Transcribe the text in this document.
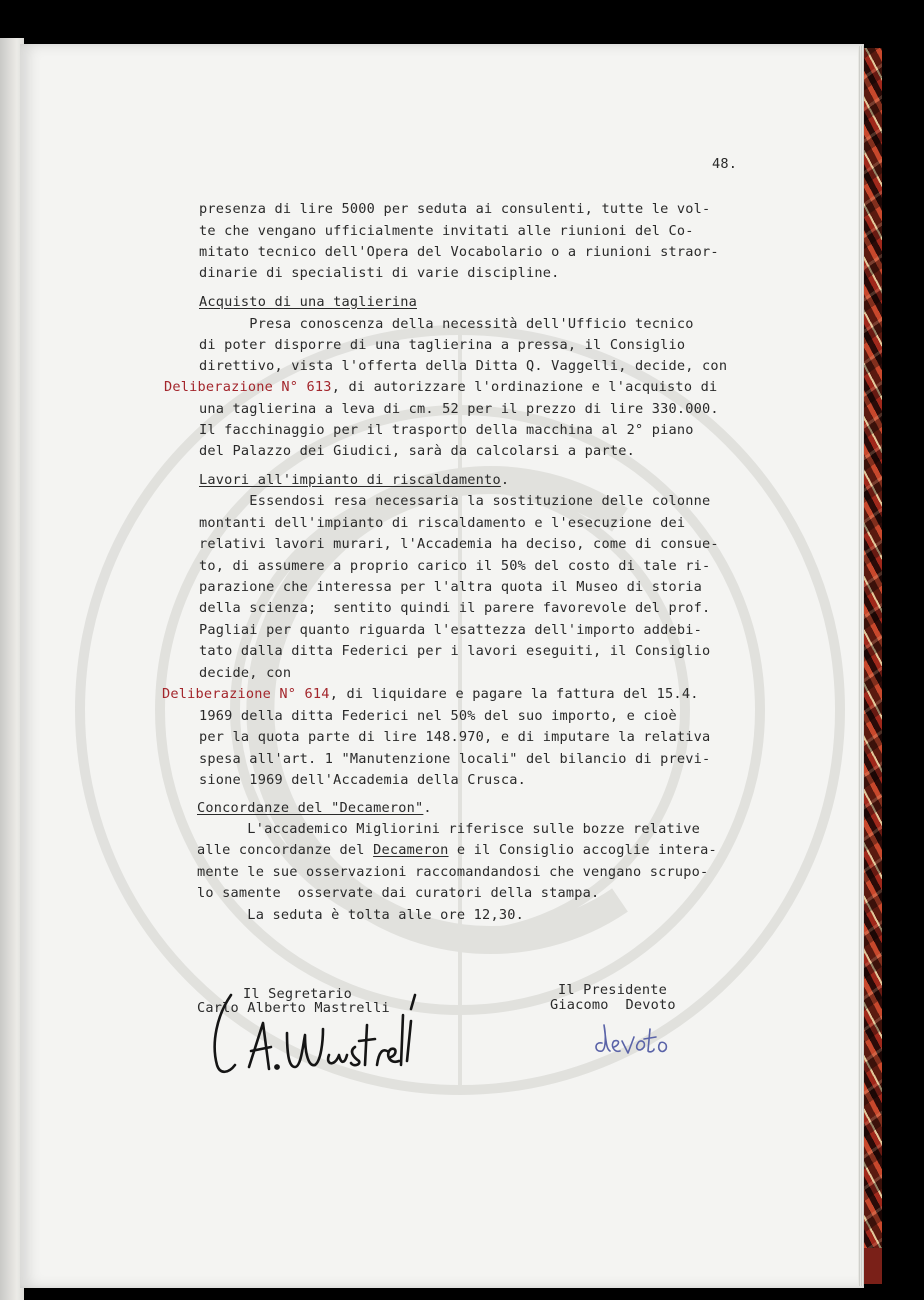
48.
presenza di lire 5000 per seduta ai consulenti, tutte le vol-
te che vengano ufficialmente invitati alle riunioni del Co-
mitato tecnico dell'Opera del Vocabolario o a riunioni straor-
dinarie di specialisti di varie discipline.
Acquisto di una taglierina
Presa conoscenza della necessità dell'Ufficio tecnico
di poter disporre di una taglierina a pressa, il Consiglio
direttivo, vista l'offerta della Ditta Q. Vaggelli, decide, con
Deliberazione N° 613, di autorizzare l'ordinazione e l'acquisto di
una taglierina a leva di cm. 52 per il prezzo di lire 330.000.
Il facchinaggio per il trasporto della macchina al 2° piano
del Palazzo dei Giudici, sarà da calcolarsi a parte.
Lavori all'impianto di riscaldamento.
Essendosi resa necessaria la sostituzione delle colonne
montanti dell'impianto di riscaldamento e l'esecuzione dei
relativi lavori murari, l'Accademia ha deciso, come di consue-
to, di assumere a proprio carico il 50% del costo di tale ri-
parazione che interessa per l'altra quota il Museo di storia
della scienza;  sentito quindi il parere favorevole del prof.
Pagliai per quanto riguarda l'esattezza dell'importo addebi-
tato dalla ditta Federici per i lavori eseguiti, il Consiglio
decide, con
Deliberazione N° 614, di liquidare e pagare la fattura del 15.4.
1969 della ditta Federici nel 50% del suo importo, e cioè
per la quota parte di lire 148.970, e di imputare la relativa
spesa all'art. 1 "Manutenzione locali" del bilancio di previ-
sione 1969 dell'Accademia della Crusca.
Concordanze del "Decameron".
L'accademico Migliorini riferisce sulle bozze relative
alle concordanze del Decameron e il Consiglio accoglie intera-
mente le sue osservazioni raccomandandosi che vengano scrupo-
lo samente  osservate dai curatori della stampa.
La seduta è tolta alle ore 12,30.
Il Segretario
Carlo Alberto Mastrelli
Il Presidente
Giacomo  Devoto
